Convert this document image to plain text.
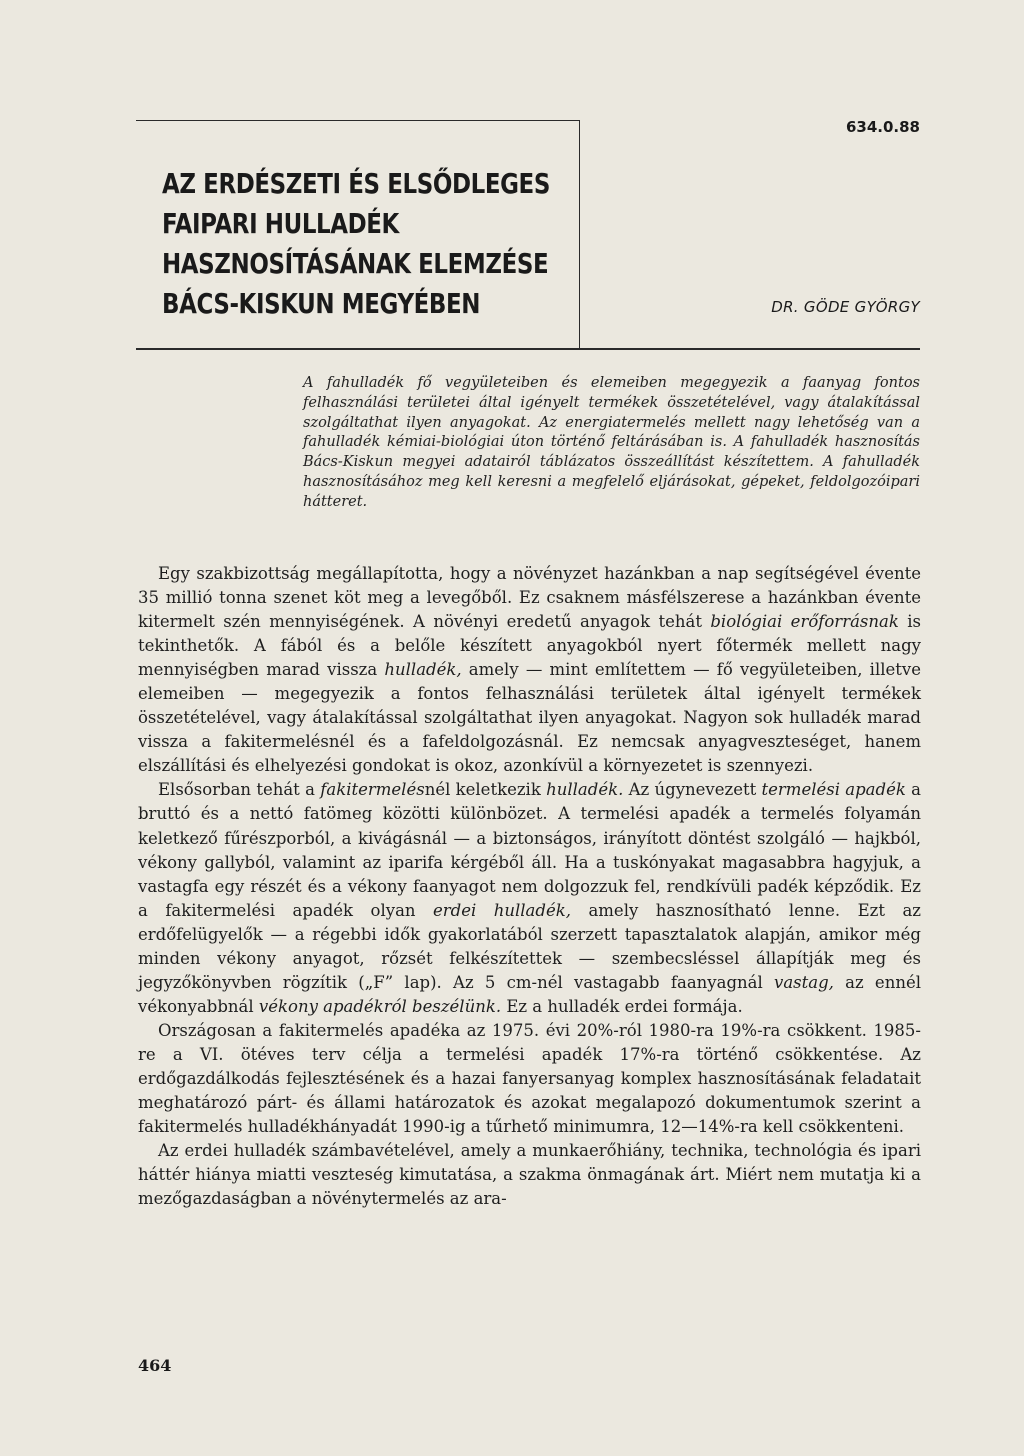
634.0.88
AZ ERDÉSZETI ÉS ELSŐDLEGES
FAIPARI HULLADÉK
HASZNOSÍTÁSÁNAK ELEMZÉSE
BÁCS-KISKUN MEGYÉBEN	DR. GÖDE GYÖRGY

A fahulladék fő vegyületeiben és elemeiben megegyezik a faanyag fontos felhasználási területei által igényelt termékek összetételével, vagy átalakítással szolgáltathat ilyen anyagokat. Az energiatermelés mellett nagy lehetőség van a fahulladék kémiai-biológiai úton történő feltárásában is. A fahulladék hasznosítás Bács-Kiskun megyei adatairól táblázatos összeállítást készítettem. A fahulladék hasznosításához meg kell keresni a megfelelő eljárásokat, gépeket, feldolgozóipari hátteret.

Egy szakbizottság megállapította, hogy a növényzet hazánkban a nap segítségével évente 35 millió tonna szenet köt meg a levegőből. Ez csaknem másfélszerese a hazánkban évente kitermelt szén mennyiségének. A növényi eredetű anyagok tehát biológiai erőforrásnak is tekinthetők. A fából és a belőle készített anyagokból nyert főtermék mellett nagy mennyiségben marad vissza hulladék, amely — mint említettem — fő vegyületeiben, illetve elemeiben — megegyezik a fontos felhasználási területek által igényelt termékek összetételével, vagy átalakítással szolgáltathat ilyen anyagokat. Nagyon sok hulladék marad vissza a fakitermelésnél és a fafeldolgozásnál. Ez nemcsak anyagveszteséget, hanem elszállítási és elhelyezési gondokat is okoz, azonkívül a környezetet is szennyezi.

Elsősorban tehát a fakitermelésnél keletkezik hulladék. Az úgynevezett termelési apadék a bruttó és a nettó fatömeg közötti különbözet. A termelési apadék a termelés folyamán keletkező fűrészporból, a kivágásnál — a biztonságos, irányított döntést szolgáló — hajkból, vékony gallyból, valamint az iparifa kérgéből áll. Ha a tuskónyakat magasabbra hagyjuk, a vastagfa egy részét és a vékony faanyagot nem dolgozzuk fel, rendkívüli padék képződik. Ez a fakitermelési apadék olyan erdei hulladék, amely hasznosítható lenne. Ezt az erdőfelügyelők — a régebbi idők gyakorlatából szerzett tapasztalatok alapján, amikor még minden vékony anyagot, rőzsét felkészítettek — szembecsléssel állapítják meg és jegyzőkönyvben rögzítik („F” lap). Az 5 cm-nél vastagabb faanyagnál vastag, az ennél vékonyabbnál vékony apadékról beszélünk. Ez a hulladék erdei formája.

Országosan a fakitermelés apadéka az 1975. évi 20%-ról 1980-ra 19%-ra csökkent. 1985-re a VI. ötéves terv célja a termelési apadék 17%-ra történő csökkentése. Az erdőgazdálkodás fejlesztésének és a hazai fanyersanyag komplex hasznosításának feladatait meghatározó párt- és állami határozatok és azokat megalapozó dokumentumok szerint a fakitermelés hulladékhányadát 1990-ig a tűrhető minimumra, 12—14%-ra kell csökkenteni.

Az erdei hulladék számbavételével, amely a munkaerőhiány, technika, technológia és ipari háttér hiánya miatti veszteség kimutatása, a szakma önmagának árt. Miért nem mutatja ki a mezőgazdaságban a növénytermelés az ara-

464
